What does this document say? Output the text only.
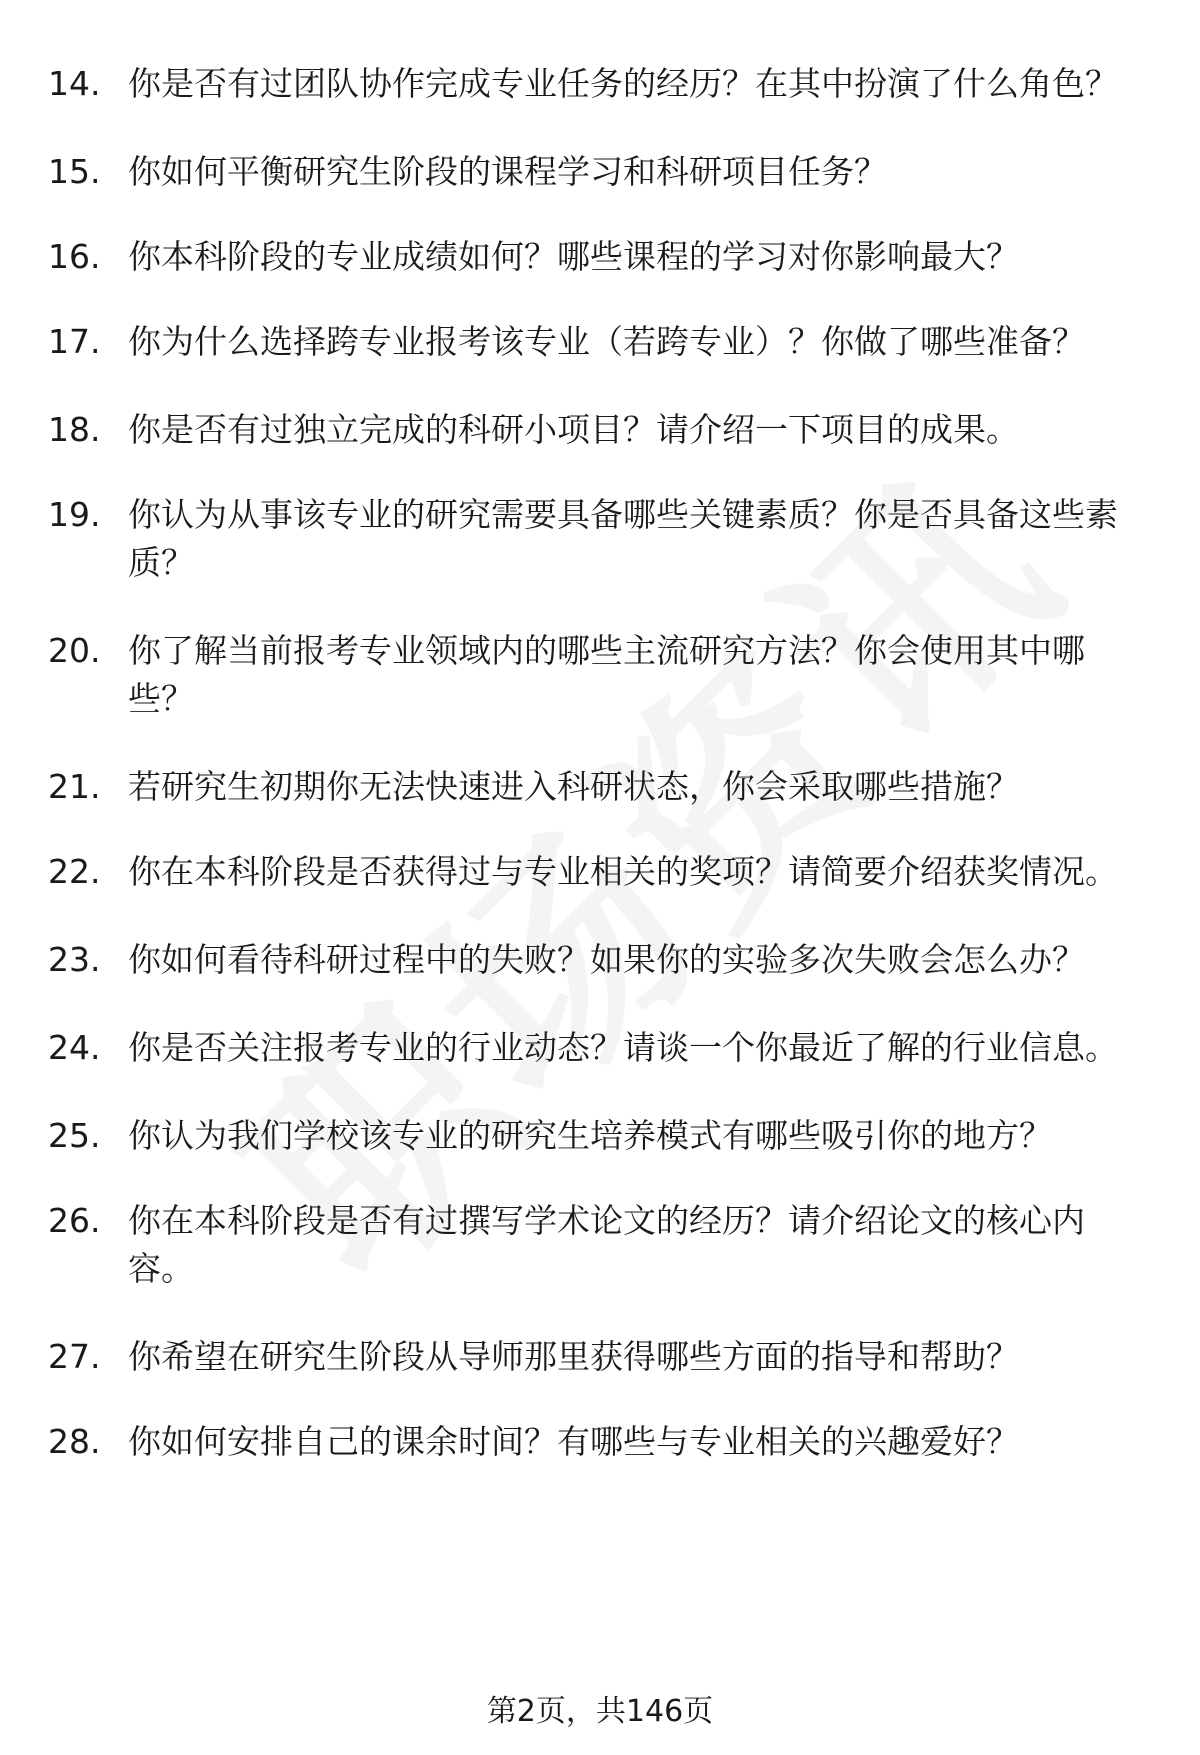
14. 你是否有过团队协作完成专业任务的经历？在其中扮演了什么角色？
15. 你如何平衡研究生阶段的课程学习和科研项目任务？
16. 你本科阶段的专业成绩如何？哪些课程的学习对你影响最大？
17. 你为什么选择跨专业报考该专业（若跨专业）？你做了哪些准备？
18. 你是否有过独立完成的科研小项目？请介绍一下项目的成果。
19. 你认为从事该专业的研究需要具备哪些关键素质？你是否具备这些素质？
20. 你了解当前报考专业领域内的哪些主流研究方法？你会使用其中哪些？
21. 若研究生初期你无法快速进入科研状态，你会采取哪些措施？
22. 你在本科阶段是否获得过与专业相关的奖项？请简要介绍获奖情况。
23. 你如何看待科研过程中的失败？如果你的实验多次失败会怎么办？
24. 你是否关注报考专业的行业动态？请谈一个你最近了解的行业信息。
25. 你认为我们学校该专业的研究生培养模式有哪些吸引你的地方？
26. 你在本科阶段是否有过撰写学术论文的经历？请介绍论文的核心内容。
27. 你希望在研究生阶段从导师那里获得哪些方面的指导和帮助？
28. 你如何安排自己的课余时间？有哪些与专业相关的兴趣爱好？
第2页，共146页
